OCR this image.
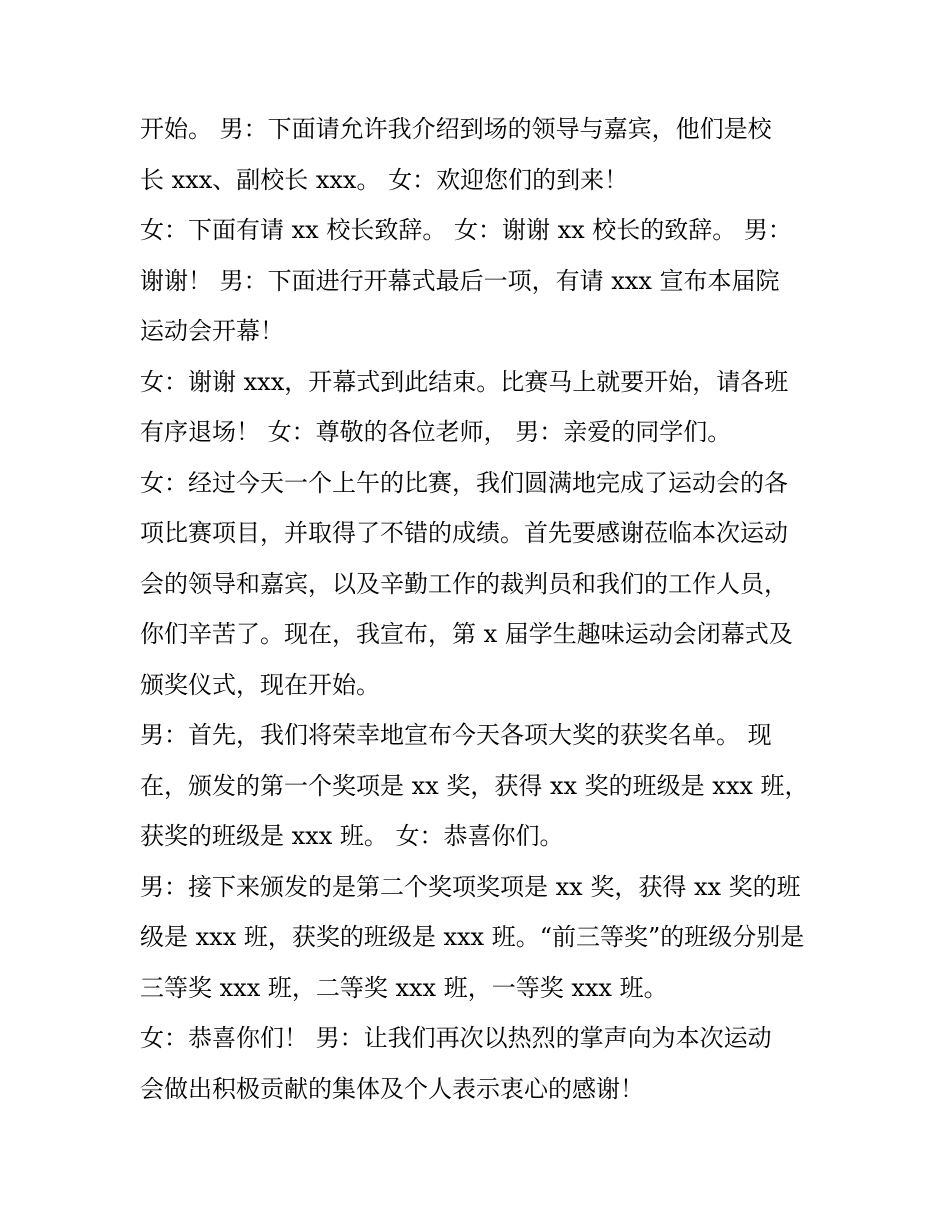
开始。 男：下面请允许我介绍到场的领导与嘉宾，他们是校
长 xxx、副校长 xxx。 女：欢迎您们的到来！
女：下面有请 xx 校长致辞。 女：谢谢 xx 校长的致辞。 男：
谢谢！ 男：下面进行开幕式最后一项，有请 xxx 宣布本届院
运动会开幕！
女：谢谢 xxx，开幕式到此结束。比赛马上就要开始，请各班
有序退场！ 女：尊敬的各位老师， 男：亲爱的同学们。
女：经过今天一个上午的比赛，我们圆满地完成了运动会的各
项比赛项目，并取得了不错的成绩。首先要感谢莅临本次运动
会的领导和嘉宾，以及辛勤工作的裁判员和我们的工作人员，
你们辛苦了。现在，我宣布，第 x 届学生趣味运动会闭幕式及
颁奖仪式，现在开始。
男：首先，我们将荣幸地宣布今天各项大奖的获奖名单。 现
在，颁发的第一个奖项是 xx 奖，获得 xx 奖的班级是 xxx 班，
获奖的班级是 xxx 班。 女：恭喜你们。
男：接下来颁发的是第二个奖项奖项是 xx 奖，获得 xx 奖的班
级是 xxx 班，获奖的班级是 xxx 班。“前三等奖”的班级分别是
三等奖 xxx 班，二等奖 xxx 班，一等奖 xxx 班。
女：恭喜你们！ 男：让我们再次以热烈的掌声向为本次运动
会做出积极贡献的集体及个人表示衷心的感谢！
